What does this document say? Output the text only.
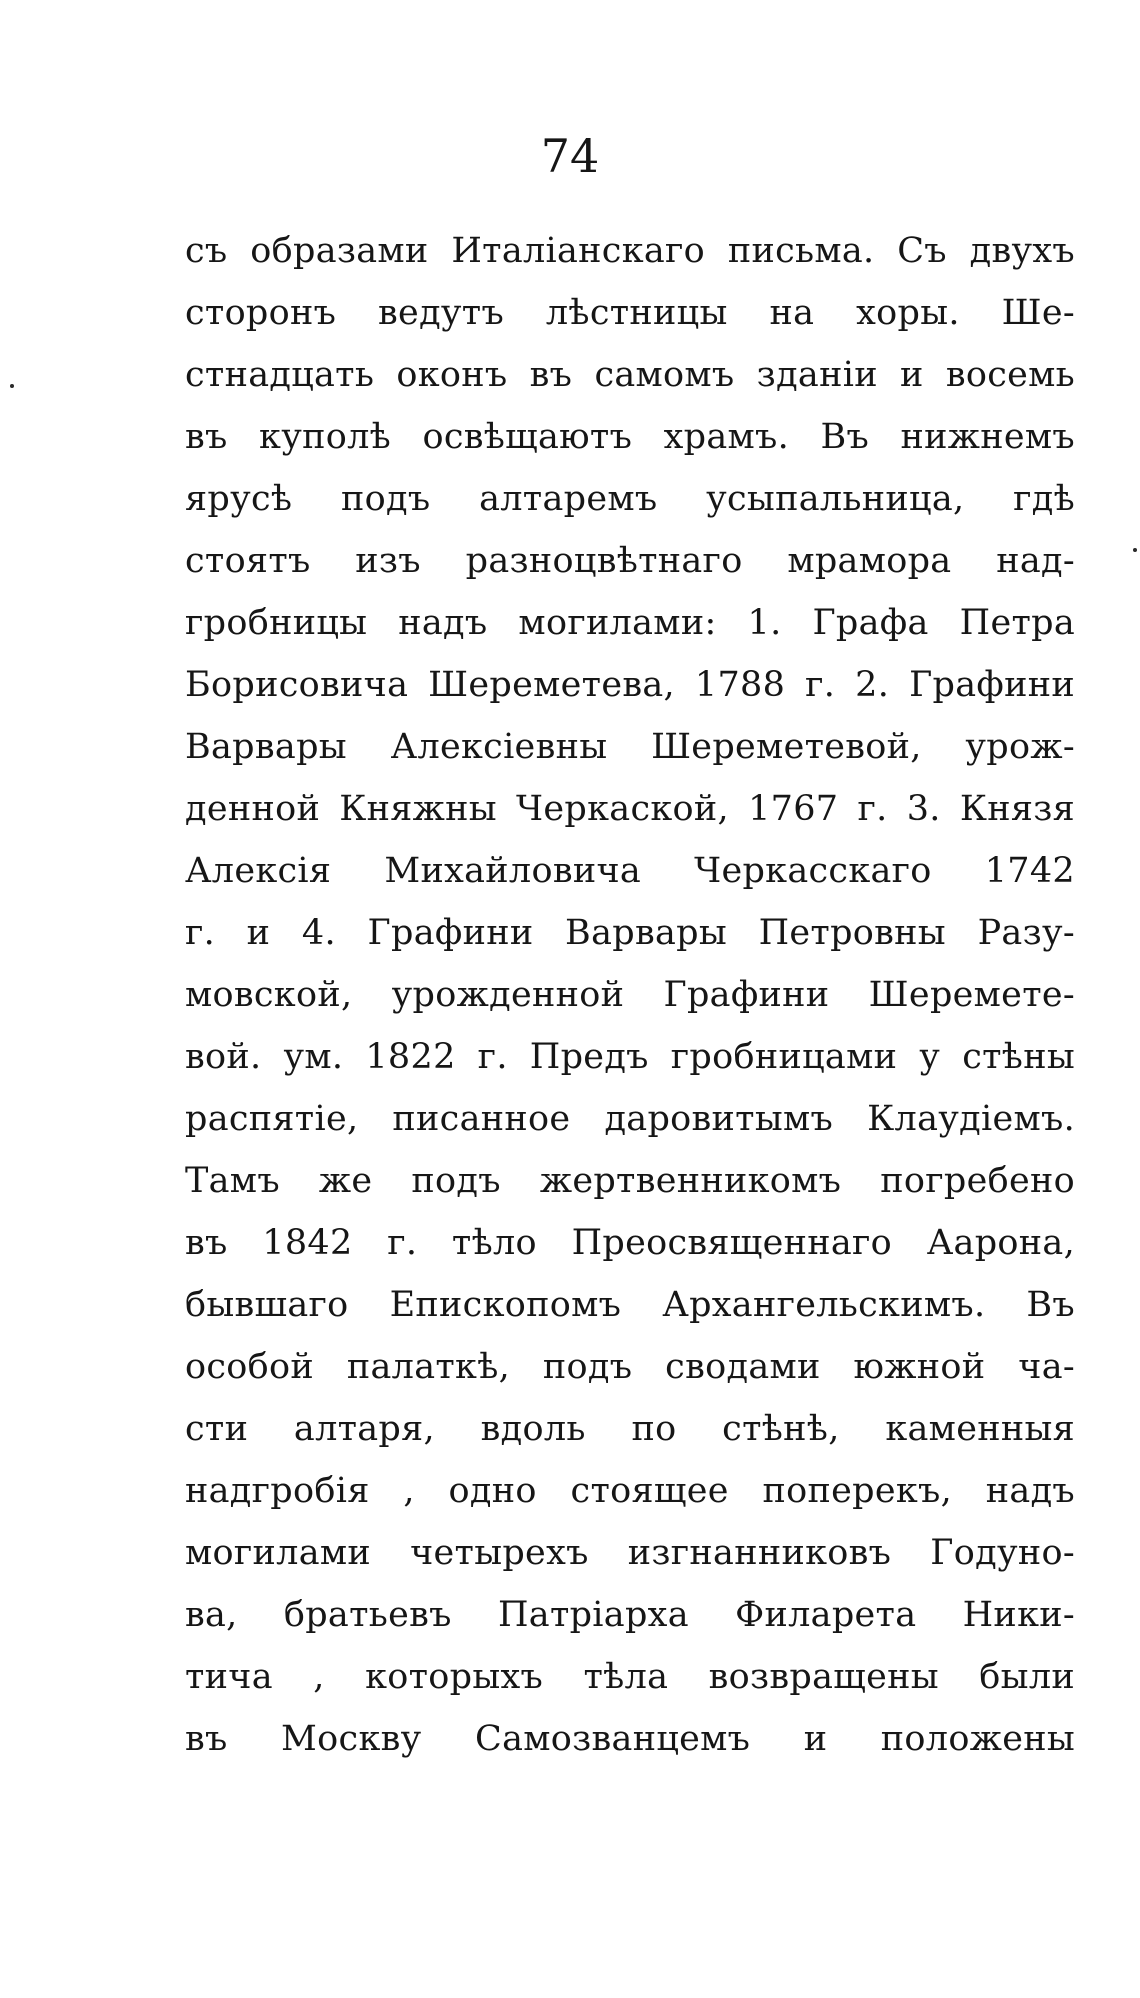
74
съ образами Италіанскаго письма. Съ двухъ
сторонъ ведутъ лѣстницы на хоры. Ше-
стнадцать оконъ въ самомъ зданіи и восемь
въ куполѣ освѣщаютъ храмъ. Въ нижнемъ
ярусѣ подъ алтаремъ усыпальница, гдѣ
стоятъ изъ разноцвѣтнаго мрамора над-
гробницы надъ могилами: 1. Графа Петра
Борисовича Шереметева, 1788 г. 2. Графини
Варвары Алексіевны Шереметевой, урож-
денной Княжны Черкаской, 1767 г. 3. Князя
Алексія Михайловича Черкасскаго 1742
г. и 4. Графини Варвары Петровны Разу-
мовской, урожденной Графини Шеремете-
вой. ум. 1822 г. Предъ гробницами у стѣны
распятіе, писанное даровитымъ Клаудіемъ.
Тамъ же подъ жертвенникомъ погребено
въ 1842 г. тѣло Преосвященнаго Аарона,
бывшаго Епископомъ Архангельскимъ. Въ
особой палаткѣ, подъ сводами южной ча-
сти алтаря, вдоль по стѣнѣ, каменныя
надгробія , одно стоящее поперекъ, надъ
могилами четырехъ изгнанниковъ Годуно-
ва, братьевъ Патріарха Филарета Ники-
тича , которыхъ тѣла возвращены были
въ Москву Самозванцемъ и положены
